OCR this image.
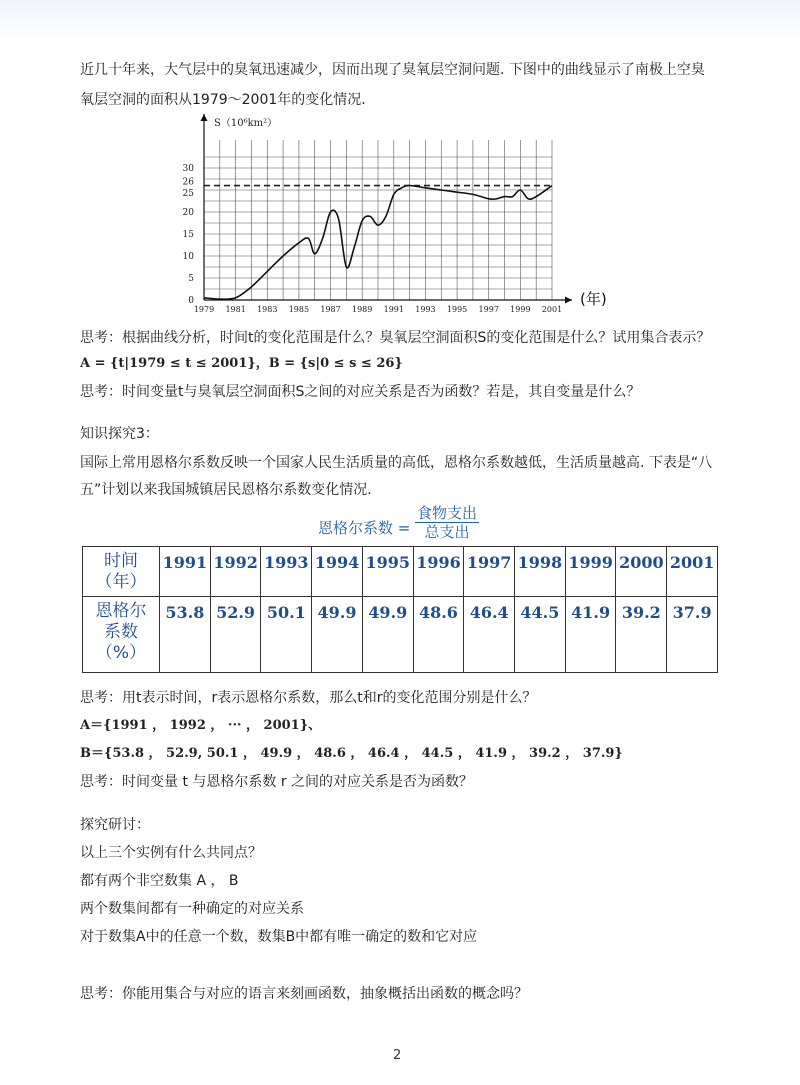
近几十年来，大气层中的臭氧迅速减少，因而出现了臭氧层空洞问题. 下图中的曲线显示了南极上空臭

氧层空洞的面积从1979～2001年的变化情况．

1979 1981 1983 1985 1987 1989 1991 1993 1995 1997 1999 2001
0
5
10
15
20
25
26
30
S（10⁶km²）
(年)

思考：根据曲线分析，时间t的变化范围是什么？臭氧层空洞面积S的变化范围是什么？试用集合表示？

A = {t|1979 ≤ t ≤ 2001}，B = {s|0 ≤ s ≤ 26}

思考：时间变量t与臭氧层空洞面积S之间的对应关系是否为函数？若是，其自变量是什么？

知识探究3：

国际上常用恩格尔系数反映一个国家人民生活质量的高低，恩格尔系数越低，生活质量越高. 下表是“八

五”计划以来我国城镇居民恩格尔系数变化情况.

恩格尔系数 =
食物支出
总支出
时间
（年）	1991	1992	1993	1994	1995	1996	1997	1998	1999	2000	2001
恩格尔
系数
（%）	53.8	52.9	50.1	49.9	49.9	48.6	46.4	44.5	41.9	39.2	37.9

思考：用t表示时间，r表示恩格尔系数，那么t和r的变化范围分别是什么？

A＝{1991 ， 1992 ， ··· ， 2001}、

B＝{53.8 ， 52.9, 50.1 ， 49.9 ， 48.6 ， 46.4 ， 44.5 ， 41.9 ， 39.2 ， 37.9}

思考：时间变量 t 与恩格尔系数 r 之间的对应关系是否为函数？

探究研讨：

以上三个实例有什么共同点？

都有两个非空数集 A ， B

两个数集间都有一种确定的对应关系

对于数集A中的任意一个数，数集B中都有唯一确定的数和它对应

思考：你能用集合与对应的语言来刻画函数，抽象概括出函数的概念吗？

2
